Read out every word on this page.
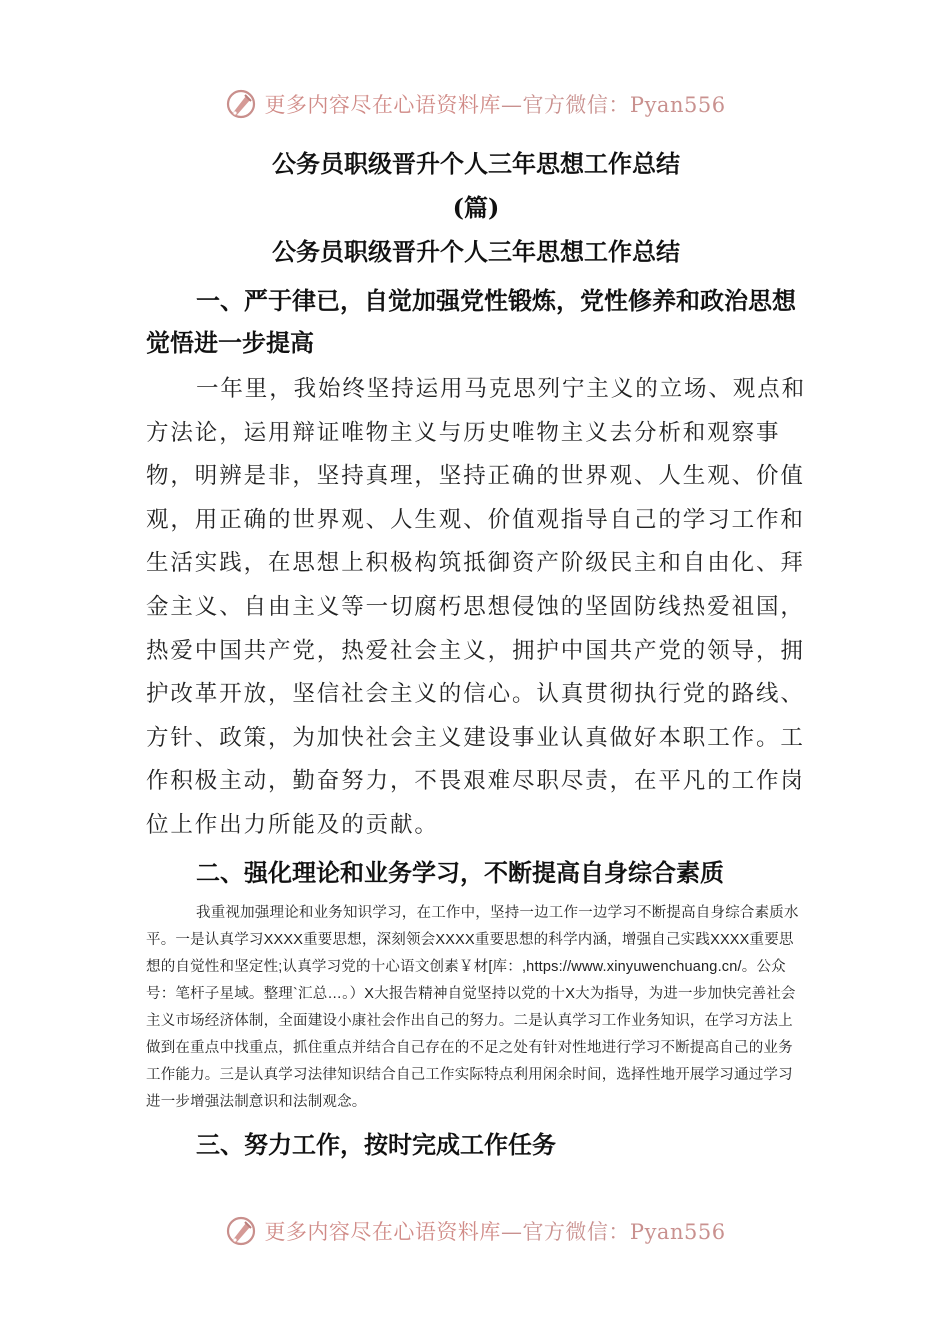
更多内容尽在心语资料库—官方微信：Pyan556

公务员职级晋升个人三年思想工作总结

(篇)

公务员职级晋升个人三年思想工作总结

一、严于律已，自觉加强党性锻炼，党性修养和政治思想觉悟进一步提高

一年里，我始终坚持运用马克思列宁主义的立场、观点和方法论，运用辩证唯物主义与历史唯物主义去分析和观察事物，明辨是非，坚持真理，坚持正确的世界观、人生观、价值观，用正确的世界观、人生观、价值观指导自己的学习工作和生活实践，在思想上积极构筑抵御资产阶级民主和自由化、拜金主义、自由主义等一切腐朽思想侵蚀的坚固防线热爱祖国，热爱中国共产党，热爱社会主义，拥护中国共产党的领导，拥护改革开放，坚信社会主义的信心。认真贯彻执行党的路线、方针、政策，为加快社会主义建设事业认真做好本职工作。工作积极主动，勤奋努力，不畏艰难尽职尽责，在平凡的工作岗位上作出力所能及的贡献。

二、强化理论和业务学习，不断提高自身综合素质

我重视加强理论和业务知识学习，在工作中，坚持一边工作一边学习不断提高自身综合素质水平。一是认真学习XXXX重要思想，深刻领会XXXX重要思想的科学内涵，增强自己实践XXXX重要思想的自觉性和坚定性;认真学习党的十心语文创素￥材[库：,https://www.xinyuwenchuang.cn/。公众号：笔杆子星域。整理`汇总…。）X大报告精神自觉坚持以党的十X大为指导，为进一步加快完善社会主义市场经济体制，全面建设小康社会作出自己的努力。二是认真学习工作业务知识，在学习方法上做到在重点中找重点，抓住重点并结合自己存在的不足之处有针对性地进行学习不断提高自己的业务工作能力。三是认真学习法律知识结合自己工作实际特点利用闲余时间，选择性地开展学习通过学习进一步增强法制意识和法制观念。

三、努力工作，按时完成工作任务

更多内容尽在心语资料库—官方微信：Pyan556
